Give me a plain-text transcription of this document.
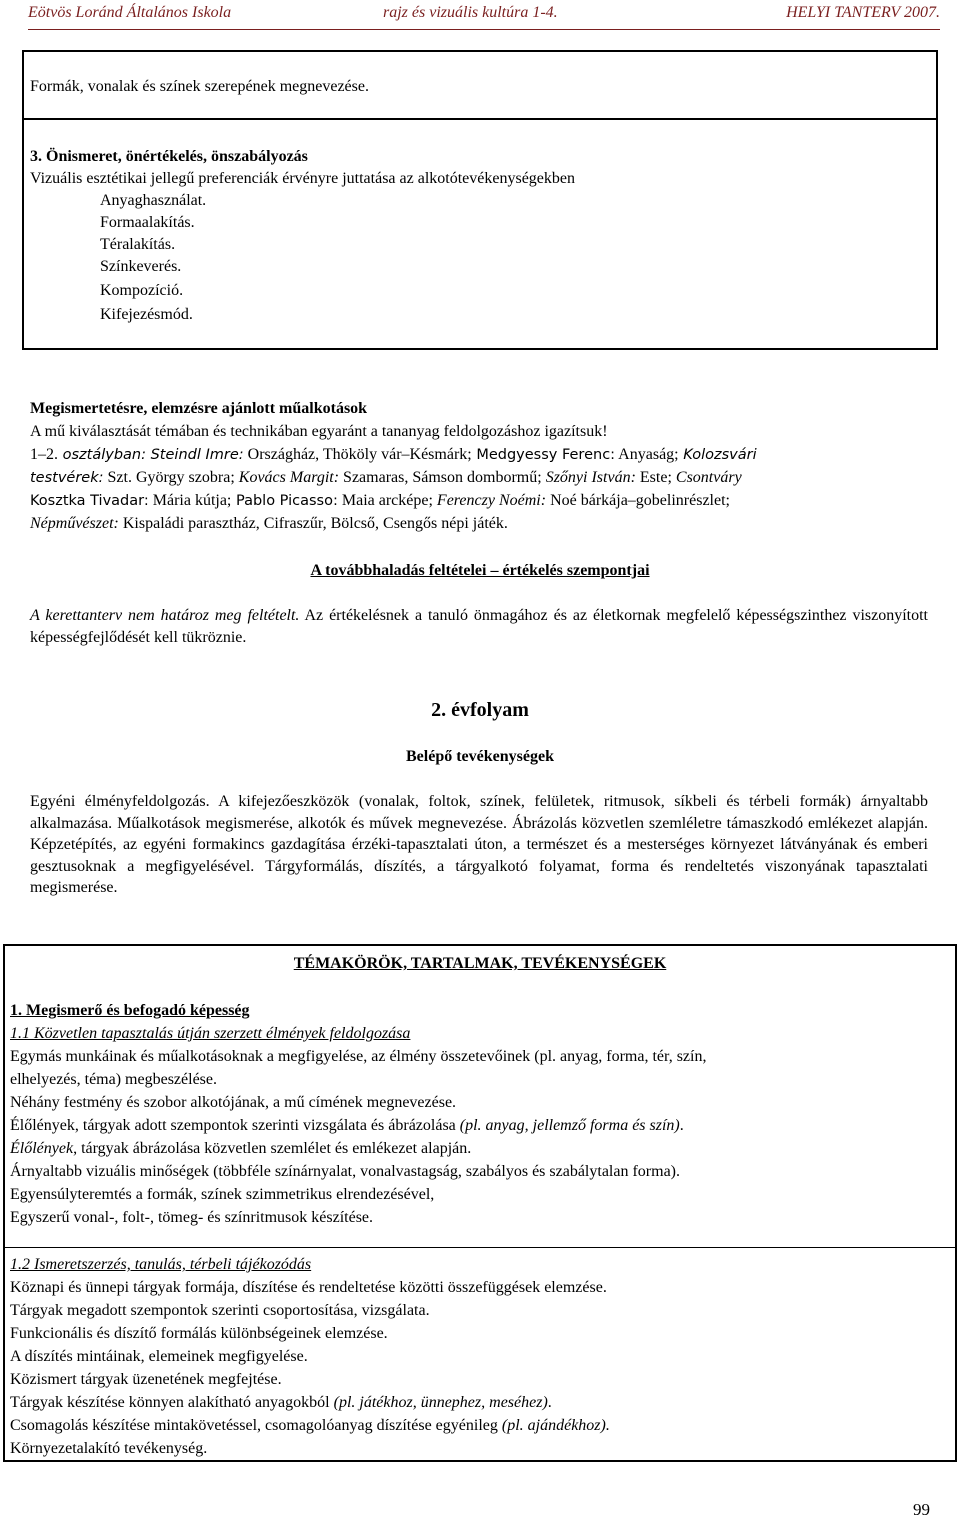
Eötvös Loránd Általános Iskola	rajz és vizuális kultúra 1-4.	HELYI TANTERV 2007.
Formák, vonalak és színek szerepének megnevezése.
3. Önismeret, önértékelés, önszabályozás
Vizuális esztétikai jellegű preferenciák érvényre juttatása az alkotótevékenységekben
Anyaghasználat.
Formaalakítás.
Téralakítás.
Színkeverés.
Kompozíció.
Kifejezésmód.
Megismertetésre, elemzésre ajánlott műalkotások
A mű kiválasztását témában és technikában egyaránt a tananyag feldolgozáshoz igazítsuk!
1–2. osztályban: Steindl Imre: Országház, Thököly vár–Késmárk; Medgyessy Ferenc: Anyaság; Kolozsvári
testvérek: Szt. György szobra; Kovács Margit: Szamaras, Sámson dombormű; Szőnyi István: Este; Csontváry
Kosztka Tivadar: Mária kútja; Pablo Picasso: Maia arcképe; Ferenczy Noémi: Noé bárkája–gobelinrészlet;
Népművészet: Kispaládi parasztház, Cifraszűr, Bölcső, Csengős népi játék.
A továbbhaladás feltételei – értékelés szempontjai
A kerettanterv nem határoz meg feltételt. Az értékelésnek a tanuló önmagához és az életkornak megfelelő képességszinthez viszonyított képességfejlődését kell tükröznie.
2. évfolyam
Belépő tevékenységek
Egyéni élményfeldolgozás. A kifejezőeszközök (vonalak, foltok, színek, felületek, ritmusok, síkbeli és térbeli formák) árnyaltabb alkalmazása. Műalkotások megismerése, alkotók és művek megnevezése. Ábrázolás közvetlen szemléletre támaszkodó emlékezet alapján. Képzetépítés, az egyéni formakincs gazdagítása érzéki-tapasztalati úton, a természet és a mesterséges környezet látványának és emberi gesztusoknak a megfigyelésével. Tárgyformálás, díszítés, a tárgyalkotó folyamat, forma és rendeltetés viszonyának tapasztalati megismerése.
TÉMAKÖRÖK, TARTALMAK, TEVÉKENYSÉGEK
1. Megismerő és befogadó képesség
1.1 Közvetlen tapasztalás útján szerzett élmények feldolgozása
Egymás munkáinak és műalkotásoknak a megfigyelése, az élmény összetevőinek (pl. anyag, forma, tér, szín,
elhelyezés, téma) megbeszélése.
Néhány festmény és szobor alkotójának, a mű címének megnevezése.
Élőlények, tárgyak adott szempontok szerinti vizsgálata és ábrázolása (pl. anyag, jellemző forma és szín).
Élőlények, tárgyak ábrázolása közvetlen szemlélet és emlékezet alapján.
Árnyaltabb vizuális minőségek (többféle színárnyalat, vonalvastagság, szabályos és szabálytalan forma).
Egyensúlyteremtés a formák, színek szimmetrikus elrendezésével,
Egyszerű vonal-, folt-, tömeg- és színritmusok készítése.
1.2 Ismeretszerzés, tanulás, térbeli tájékozódás
Köznapi és ünnepi tárgyak formája, díszítése és rendeltetése közötti összefüggések elemzése.
Tárgyak megadott szempontok szerinti csoportosítása, vizsgálata.
Funkcionális és díszítő formálás különbségeinek elemzése.
A díszítés mintáinak, elemeinek megfigyelése.
Közismert tárgyak üzenetének megfejtése.
Tárgyak készítése könnyen alakítható anyagokból (pl. játékhoz, ünnephez, meséhez).
Csomagolás készítése mintakövetéssel, csomagolóanyag díszítése egyénileg (pl. ajándékhoz).
Környezetalakító tevékenység.
99
